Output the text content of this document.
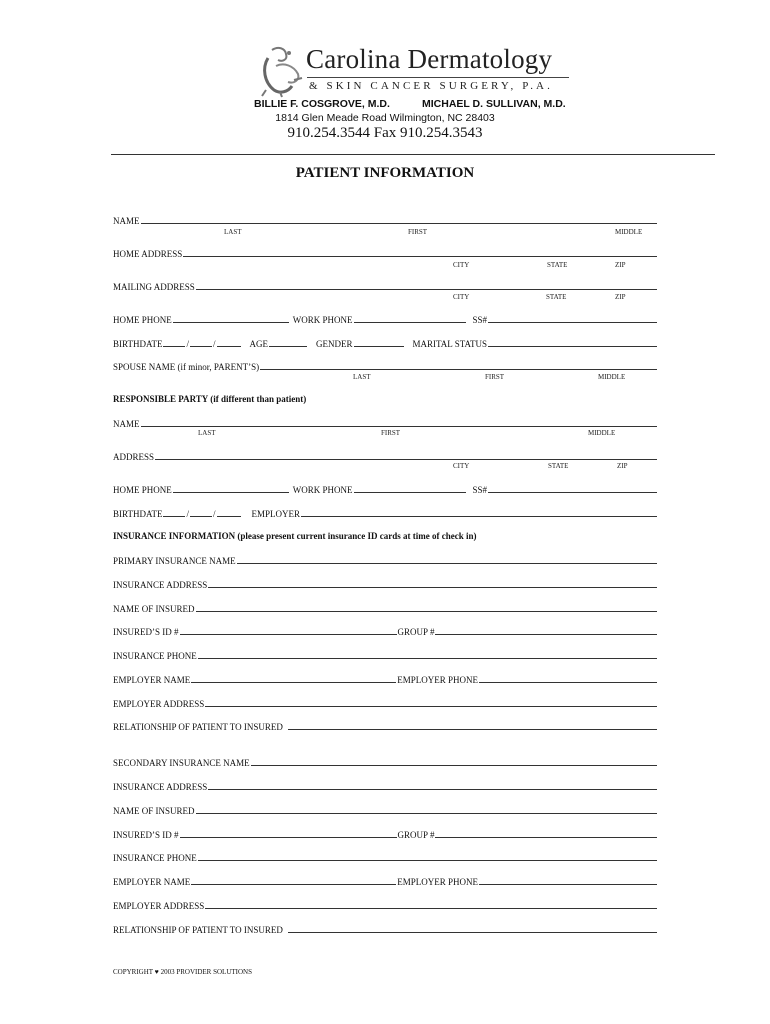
Carolina Dermatology
& SKIN CANCER SURGERY, P.A.
BILLIE F. COSGROVE, M.D.	MICHAEL D. SULLIVAN, M.D.
1814 Glen Meade Road Wilmington, NC 28403
910.254.3544 Fax 910.254.3543
PATIENT INFORMATION
NAME
LAST	FIRST	MIDDLE
HOME ADDRESS
CITY	STATE	ZIP
MAILING ADDRESS
CITY	STATE	ZIP
HOME PHONE	WORK PHONE	SS#
BIRTHDATE	/	/	AGE	GENDER	MARITAL STATUS
SPOUSE NAME (if minor, PARENT’S)
LAST	FIRST	MIDDLE
RESPONSIBLE PARTY (if different than patient)
NAME
LAST	FIRST	MIDDLE
ADDRESS
CITY	STATE	ZIP
HOME PHONE	WORK PHONE	SS#
BIRTHDATE	/	/	EMPLOYER
INSURANCE INFORMATION (please present current insurance ID cards at time of check in)
PRIMARY INSURANCE NAME
INSURANCE ADDRESS
NAME OF INSURED
INSURED’S ID #	GROUP #
INSURANCE PHONE
EMPLOYER NAME	EMPLOYER PHONE
EMPLOYER ADDRESS
RELATIONSHIP OF PATIENT TO INSURED
SECONDARY INSURANCE NAME
INSURANCE ADDRESS
NAME OF INSURED
INSURED’S ID #	GROUP #
INSURANCE PHONE
EMPLOYER NAME	EMPLOYER PHONE
EMPLOYER ADDRESS
RELATIONSHIP OF PATIENT TO INSURED
COPYRIGHT ♥ 2003 PROVIDER SOLUTIONS
